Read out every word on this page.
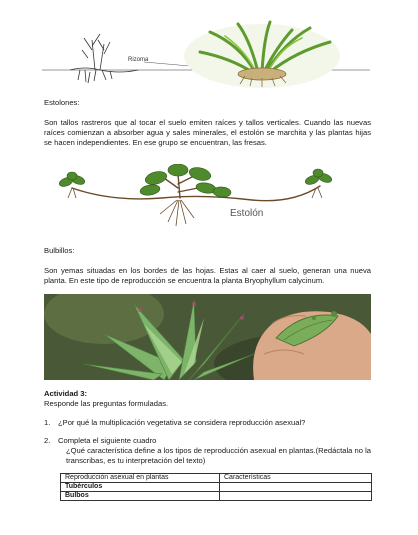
Rizoma
Estolones:
Son tallos rastreros que al tocar el suelo emiten raíces y tallos verticales. Cuando las nuevas raíces comienzan a absorber agua y sales minerales, el estolón se marchita y las plantas hijas se hacen independientes. En ese grupo se encuentran, las fresas.
Estolón
Bulbillos:
Son yemas situadas en los bordes de las hojas. Estas al caer al suelo, generan una nueva planta. En este tipo de reproducción se encuentra la planta Bryophyllum calycinum.
Actividad 3:
Responde las preguntas formuladas.
1.	¿Por qué la multiplicación vegetativa se considera reproducción asexual?
2.	Completa el siguiente cuadro
¿Qué característica define a los tipos de reproducción asexual en plantas.(Redáctala no la transcribas, es tu interpretación del texto)
Reproducción asexual en plantas	Características
Tubérculos	
Bulbos	
